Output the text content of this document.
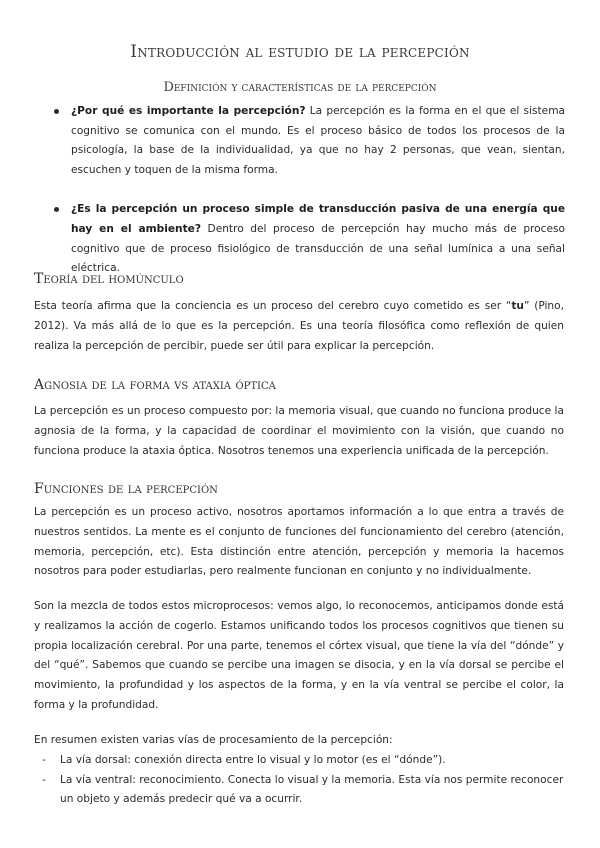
Introducción al estudio de la percepción
Definición y características de la percepción
¿Por qué es importante la percepción? La percepción es la forma en el que el sistema cognitivo se comunica con el mundo. Es el proceso básico de todos los procesos de la psicología, la base de la individualidad, ya que no hay 2 personas, que vean, sientan, escuchen y toquen de la misma forma.
¿Es la percepción un proceso simple de transducción pasiva de una energía que hay en el ambiente? Dentro del proceso de percepción hay mucho más de proceso cognitivo que de proceso fisiológico de transducción de una señal lumínica a una señal eléctrica.
Teoría del homúnculo

Esta teoría afirma que la conciencia es un proceso del cerebro cuyo cometido es ser “tu” (Pino, 2012). Va más allá de lo que es la percepción. Es una teoría filosófica como reflexión de quien realiza la percepción de percibir, puede ser útil para explicar la percepción.

Agnosia de la forma vs ataxia óptica

La percepción es un proceso compuesto por: la memoria visual, que cuando no funciona produce la agnosia de la forma, y la capacidad de coordinar el movimiento con la visión, que cuando no funciona produce la ataxia óptica. Nosotros tenemos una experiencia unificada de la percepción.

Funciones de la percepción

La percepción es un proceso activo, nosotros aportamos información a lo que entra a través de nuestros sentidos. La mente es el conjunto de funciones del funcionamiento del cerebro (atención, memoria, percepción, etc). Esta distinción entre atención, percepción y memoria la hacemos nosotros para poder estudiarlas, pero realmente funcionan en conjunto y no individualmente.

Son la mezcla de todos estos microprocesos: vemos algo, lo reconocemos, anticipamos donde está y realizamos la acción de cogerlo. Estamos unificando todos los procesos cognitivos que tienen su propia localización cerebral. Por una parte, tenemos el córtex visual, que tiene la vía del “dónde” y del “qué”. Sabemos que cuando se percibe una imagen se disocia, y en la vía dorsal se percibe el movimiento, la profundidad y los aspectos de la forma, y en la vía ventral se percibe el color, la forma y la profundidad.

En resumen existen varias vías de procesamiento de la percepción:

- La vía dorsal: conexión directa entre lo visual y lo motor (es el “dónde”).
- La vía ventral: reconocimiento. Conecta lo visual y la memoria. Esta vía nos permite reconocer un objeto y además predecir qué va a ocurrir.
